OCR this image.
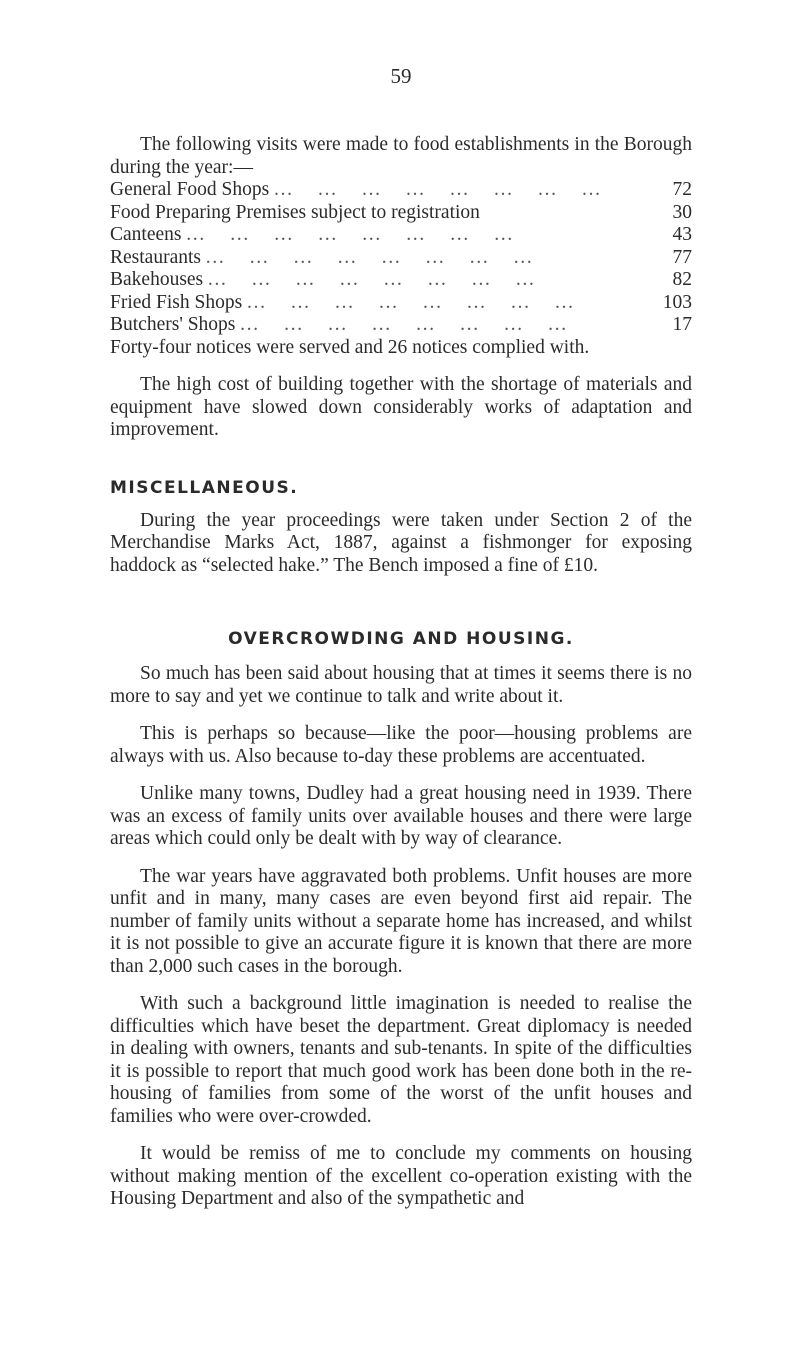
59

The following visits were made to food establishments in the Borough during the year:—

General Food Shops …    …    …    …    …    …    …    …	72
Food Preparing Premises subject to registration	30
Canteens …    …    …    …    …    …    …    …	43
Restaurants …    …    …    …    …    …    …    …	77
Bakehouses …    …    …    …    …    …    …    …	82
Fried Fish Shops …    …    …    …    …    …    …    …	103
Butchers' Shops …    …    …    …    …    …    …    …	17

Forty-four notices were served and 26 notices complied with.

The high cost of building together with the shortage of materials and equipment have slowed down considerably works of adaptation and improvement.

MISCELLANEOUS.

During the year proceedings were taken under Section 2 of the Merchandise Marks Act, 1887, against a fishmonger for exposing haddock as “selected hake.” The Bench imposed a fine of £10.

OVERCROWDING AND HOUSING.

So much has been said about housing that at times it seems there is no more to say and yet we continue to talk and write about it.

This is perhaps so because—like the poor—housing problems are always with us. Also because to-day these problems are accentuated.

Unlike many towns, Dudley had a great housing need in 1939. There was an excess of family units over available houses and there were large areas which could only be dealt with by way of clearance.

The war years have aggravated both problems. Unfit houses are more unfit and in many, many cases are even beyond first aid repair. The number of family units without a separate home has increased, and whilst it is not possible to give an accurate figure it is known that there are more than 2,000 such cases in the borough.

With such a background little imagination is needed to realise the difficulties which have beset the department. Great diplomacy is needed in dealing with owners, tenants and sub-tenants. In spite of the difficulties it is possible to report that much good work has been done both in the re-housing of families from some of the worst of the unfit houses and families who were over-crowded.

It would be remiss of me to conclude my comments on housing without making mention of the excellent co-operation existing with the Housing Department and also of the sympathetic and
